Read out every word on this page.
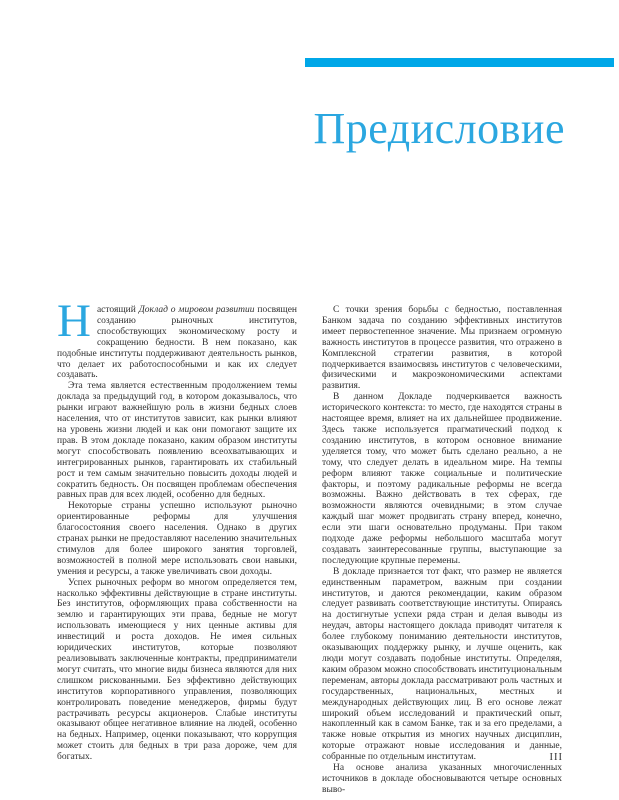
Предисловие

Настоящий Доклад о мировом развитии посвящен созданию рыночных институтов, способствующих экономическому росту и сокращению бедности. В нем показано, как подобные институты поддерживают деятельность рынков, что делает их работоспособными и как их следует создавать.

Эта тема является естественным продолжением темы доклада за предыдущий год, в котором доказывалось, что рынки играют важнейшую роль в жизни бедных слоев населения, что от институтов зависит, как рынки влияют на уровень жизни людей и как они помогают защите их прав. В этом докладе показано, каким образом институты могут способствовать появлению всеохватывающих и интегрированных рынков, гарантировать их стабильный рост и тем самым значительно повысить доходы людей и сократить бедность. Он посвящен проблемам обеспечения равных прав для всех людей, особенно для бедных.

Некоторые страны успешно используют рыночно ориентированные реформы для улучшения благосостояния своего населения. Однако в других странах рынки не предоставляют населению значительных стимулов для более широкого занятия торговлей, возможностей в полной мере использовать свои навыки, умения и ресурсы, а также увеличивать свои доходы.

Успех рыночных реформ во многом определяется тем, насколько эффективны действующие в стране институты. Без институтов, оформляющих права собственности на землю и гарантирующих эти права, бедные не могут использовать имеющиеся у них ценные активы для инвестиций и роста доходов. Не имея сильных юридических институтов, которые позволяют реализовывать заключенные контракты, предприниматели могут считать, что многие виды бизнеса являются для них слишком рискованными. Без эффективно действующих институтов корпоративного управления, позволяющих контролировать поведение менеджеров, фирмы будут растрачивать ресурсы акционеров. Слабые институты оказывают общее негативное влияние на людей, особенно на бедных. Например, оценки показывают, что коррупция может стоить для бедных в три раза дороже, чем для богатых.

С точки зрения борьбы с бедностью, поставленная Банком задача по созданию эффективных институтов имеет первостепенное значение. Мы признаем огромную важность институтов в процессе развития, что отражено в Комплексной стратегии развития, в которой подчеркивается взаимосвязь институтов с человеческими, физическими и макроэкономическими аспектами развития.

В данном Докладе подчеркивается важность исторического контекста: то место, где находятся страны в настоящее время, влияет на их дальнейшее продвижение. Здесь также используется прагматический подход к созданию институтов, в котором основное внимание уделяется тому, что может быть сделано реально, а не тому, что следует делать в идеальном мире. На темпы реформ влияют также социальные и политические факторы, и поэтому радикальные реформы не всегда возможны. Важно действовать в тех сферах, где возможности являются очевидными; в этом случае каждый шаг может продвигать страну вперед, конечно, если эти шаги основательно продуманы. При таком подходе даже реформы небольшого масштаба могут создавать заинтересованные группы, выступающие за последующие крупные перемены.

В докладе признается тот факт, что размер не является единственным параметром, важным при создании институтов, и даются рекомендации, каким образом следует развивать соответствующие институты. Опираясь на достигнутые успехи ряда стран и делая выводы из неудач, авторы настоящего доклада приводят читателя к более глубокому пониманию деятельности институтов, оказывающих поддержку рынку, и лучше оценить, как люди могут создавать подобные институты. Определяя, каким образом можно способствовать институциональным переменам, авторы доклада рассматривают роль частных и государственных, национальных, местных и международных действующих лиц. В его основе лежат широкий объем исследований и практический опыт, накопленный как в самом Банке, так и за его пределами, а также новые открытия из многих научных дисциплин, которые отражают новые исследования и данные, собранные по отдельным институтам.

На основе анализа указанных многочисленных источников в докладе обосновываются четыре основных выво-

III
